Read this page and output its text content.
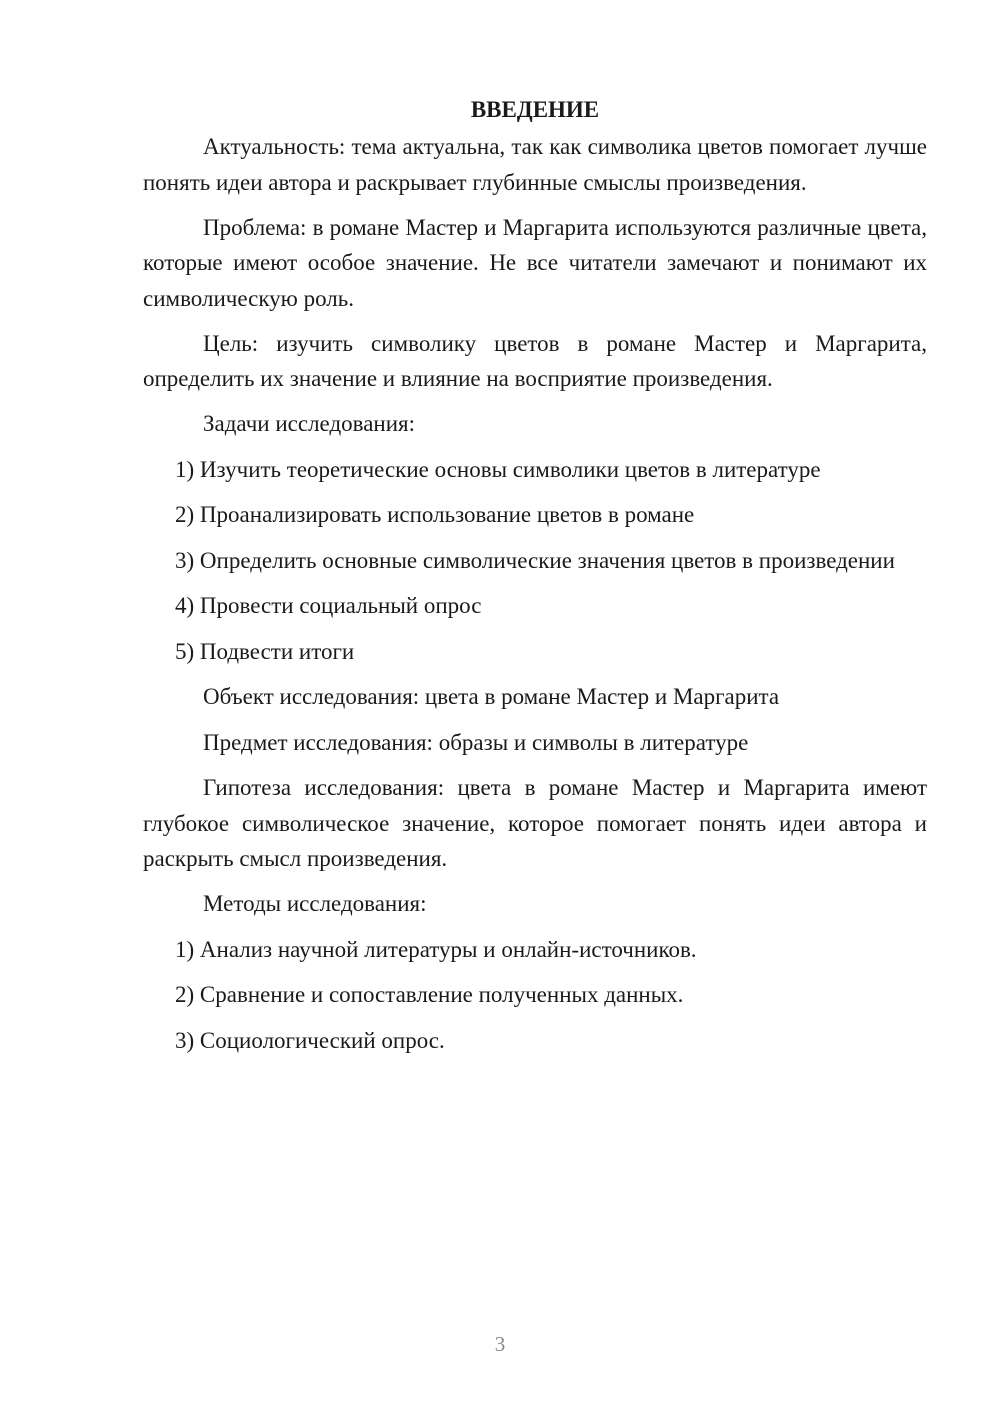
ВВЕДЕНИЕ
Актуальность: тема актуальна, так как символика цветов помогает лучше понять идеи автора и раскрывает глубинные смыслы произведения.
Проблема: в романе Мастер и Маргарита используются различные цвета, которые имеют особое значение. Не все читатели замечают и понимают их символическую роль.
Цель: изучить символику цветов в романе Мастер и Маргарита, определить их значение и влияние на восприятие произведения.
Задачи исследования:
1) Изучить теоретические основы символики цветов в литературе
2) Проанализировать использование цветов в романе
3) Определить основные символические значения цветов в произведении
4) Провести социальный опрос
5) Подвести итоги
Объект исследования: цвета в романе Мастер и Маргарита
Предмет исследования: образы и символы в литературе
Гипотеза исследования: цвета в романе Мастер и Маргарита имеют глубокое символическое значение, которое помогает понять идеи автора и раскрыть смысл произведения.
Методы исследования:
1) Анализ научной литературы и онлайн-источников.
2) Сравнение и сопоставление полученных данных.
3) Социологический опрос.
3
